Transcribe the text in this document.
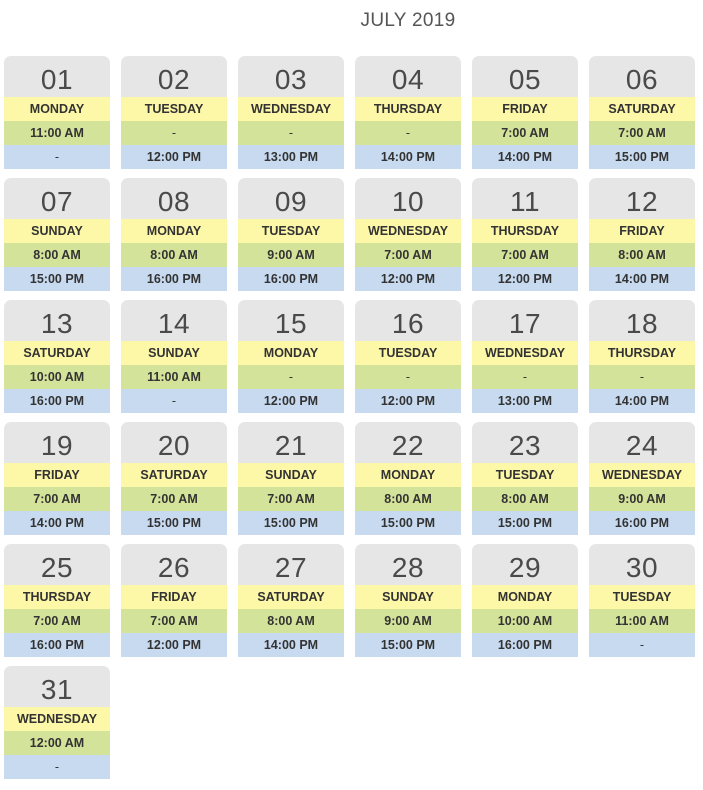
JULY 2019
01
MONDAY
11:00 AM
-
02
TUESDAY
-
12:00 PM
03
WEDNESDAY
-
13:00 PM
04
THURSDAY
-
14:00 PM
05
FRIDAY
7:00 AM
14:00 PM
06
SATURDAY
7:00 AM
15:00 PM
07
SUNDAY
8:00 AM
15:00 PM
08
MONDAY
8:00 AM
16:00 PM
09
TUESDAY
9:00 AM
16:00 PM
10
WEDNESDAY
7:00 AM
12:00 PM
11
THURSDAY
7:00 AM
12:00 PM
12
FRIDAY
8:00 AM
14:00 PM
13
SATURDAY
10:00 AM
16:00 PM
14
SUNDAY
11:00 AM
-
15
MONDAY
-
12:00 PM
16
TUESDAY
-
12:00 PM
17
WEDNESDAY
-
13:00 PM
18
THURSDAY
-
14:00 PM
19
FRIDAY
7:00 AM
14:00 PM
20
SATURDAY
7:00 AM
15:00 PM
21
SUNDAY
7:00 AM
15:00 PM
22
MONDAY
8:00 AM
15:00 PM
23
TUESDAY
8:00 AM
15:00 PM
24
WEDNESDAY
9:00 AM
16:00 PM
25
THURSDAY
7:00 AM
16:00 PM
26
FRIDAY
7:00 AM
12:00 PM
27
SATURDAY
8:00 AM
14:00 PM
28
SUNDAY
9:00 AM
15:00 PM
29
MONDAY
10:00 AM
16:00 PM
30
TUESDAY
11:00 AM
-
31
WEDNESDAY
12:00 AM
-
